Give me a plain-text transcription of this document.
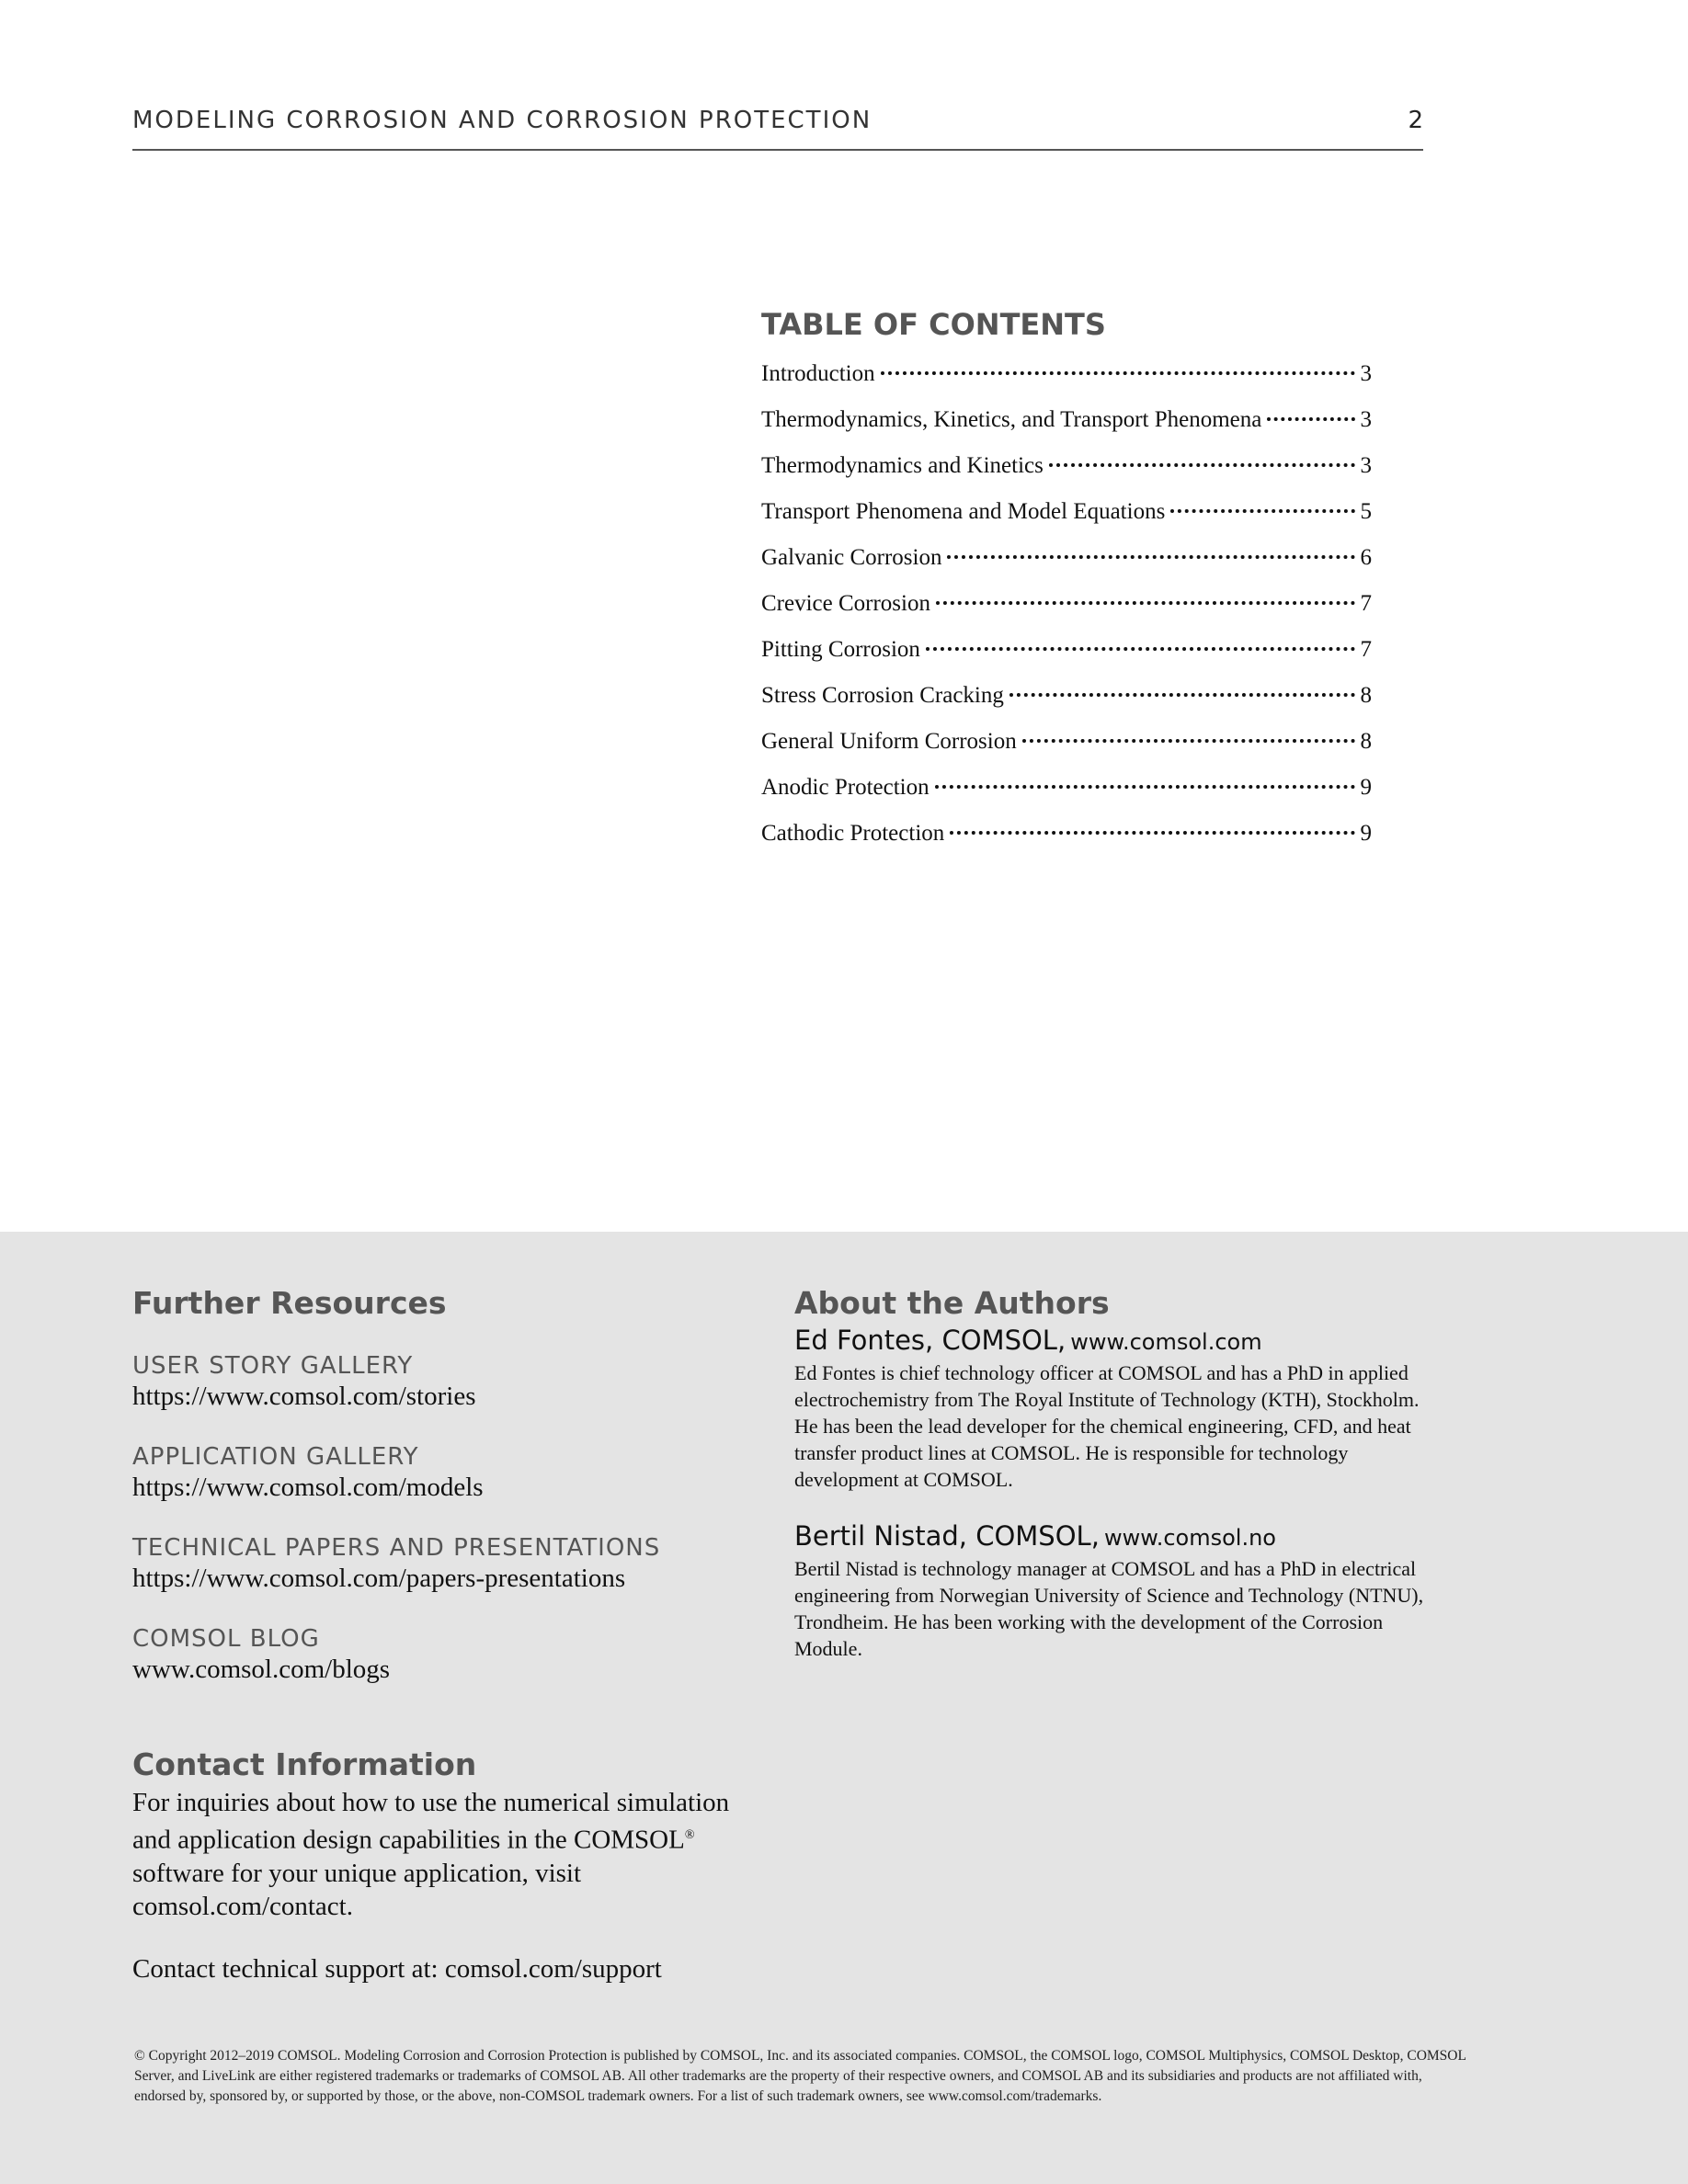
MODELING CORROSION AND CORROSION PROTECTION	2
TABLE OF CONTENTS
Introduction	3
Thermodynamics, Kinetics, and Transport Phenomena	3
Thermodynamics and Kinetics	3
Transport Phenomena and Model Equations	5
Galvanic Corrosion	6
Crevice Corrosion	7
Pitting Corrosion	7
Stress Corrosion Cracking	8
General Uniform Corrosion	8
Anodic Protection	9
Cathodic Protection	9
Further Resources
USER STORY GALLERY
https://www.comsol.com/stories
APPLICATION GALLERY
https://www.comsol.com/models
TECHNICAL PAPERS AND PRESENTATIONS
https://www.comsol.com/papers-presentations
COMSOL BLOG
www.comsol.com/blogs
Contact Information
For inquiries about how to use the numerical simulation and application design capabilities in the COMSOL® software for your unique application, visit comsol.com/contact.
Contact technical support at: comsol.com/support
About the Authors
Ed Fontes, COMSOL, www.comsol.com
Ed Fontes is chief technology officer at COMSOL and has a PhD in applied electrochemistry from The Royal Institute of Technology (KTH), Stockholm. He has been the lead developer for the chemical engineering, CFD, and heat transfer product lines at COMSOL. He is responsible for technology development at COMSOL.
Bertil Nistad, COMSOL, www.comsol.no
Bertil Nistad is technology manager at COMSOL and has a PhD in electrical engineering from Norwegian University of Science and Technology (NTNU), Trondheim. He has been working with the development of the Corrosion Module.
© Copyright 2012–2019 COMSOL. Modeling Corrosion and Corrosion Protection is published by COMSOL, Inc. and its associated companies. COMSOL, the COMSOL logo, COMSOL Multiphysics, COMSOL Desktop, COMSOL Server, and LiveLink are either registered trademarks or trademarks of COMSOL AB. All other trademarks are the property of their respective owners, and COMSOL AB and its subsidiaries and products are not affiliated with, endorsed by, sponsored by, or supported by those, or the above, non-COMSOL trademark owners. For a list of such trademark owners, see www.comsol.com/trademarks.
